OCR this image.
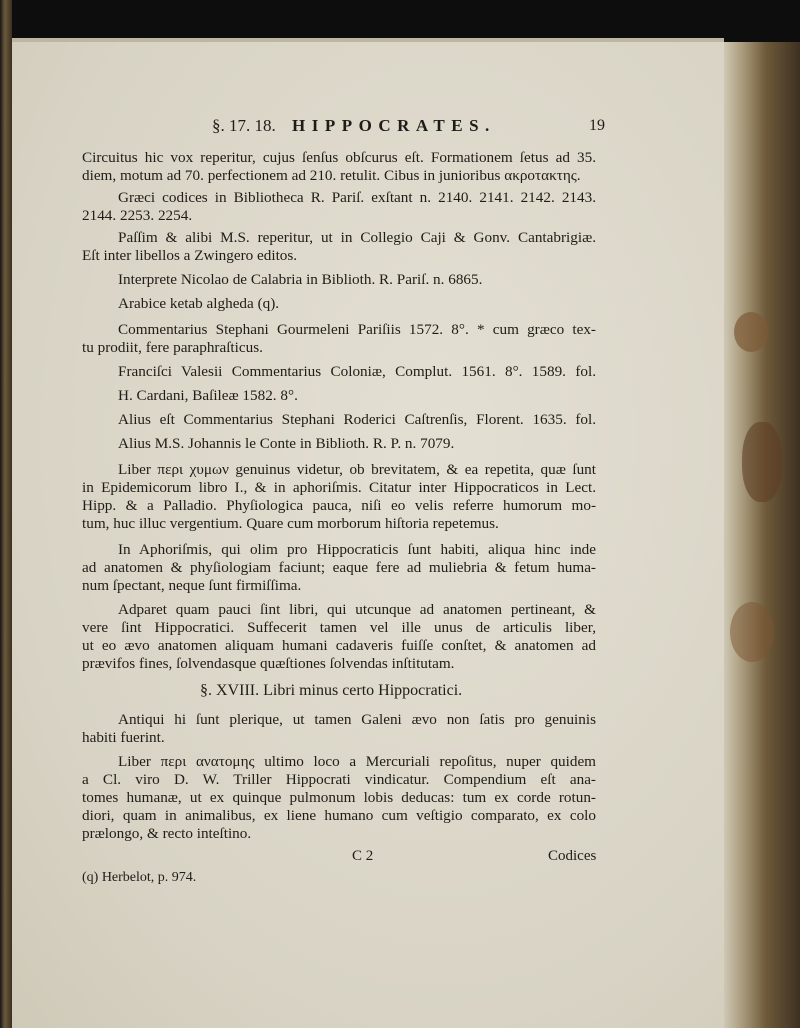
§. 17. 18. HIPPOCRATES.	19
Circuitus hic vox reperitur, cujus ſenſus obſcurus eſt. Formationem ſetus ad 35.
diem, motum ad 70. perfectionem ad 210. retulit. Cibus in junioribus ακροτακτης.
Græci codices in Bibliotheca R. Pariſ. exſtant n. 2140. 2141. 2142. 2143.
2144. 2253. 2254.
Paſſim & alibi M.S. reperitur, ut in Collegio Caji & Gonv. Cantabrigiæ.
Eſt inter libellos a Zwingero editos.
Interprete Nicolao de Calabria in Biblioth. R. Pariſ. n. 6865.
Arabice ketab algheda (q).
Commentarius Stephani Gourmeleni Pariſiis 1572. 8°. * cum græco tex-
tu prodiit, fere paraphraſticus.
Franciſci Valesii Commentarius Coloniæ, Complut. 1561. 8°. 1589. fol.
H. Cardani, Baſileæ 1582. 8°.
Alius eſt Commentarius Stephani Roderici Caſtrenſis, Florent. 1635. fol.
Alius M.S. Johannis le Conte in Biblioth. R. P. n. 7079.
Liber περι χυμων genuinus videtur, ob brevitatem, & ea repetita, quæ ſunt
in Epidemicorum libro I., & in aphoriſmis. Citatur inter Hippocraticos in Lect.
Hipp. & a Palladio. Phyſiologica pauca, niſi eo velis referre humorum mo-
tum, huc illuc vergentium. Quare cum morborum hiſtoria repetemus.
In Aphoriſmis, qui olim pro Hippocraticis ſunt habiti, aliqua hinc inde
ad anatomen & phyſiologiam faciunt; eaque fere ad muliebria & fetum huma-
num ſpectant, neque ſunt firmiſſima.
§. XVIII. Libri minus certo Hippocratici.
Antiqui hi ſunt plerique, ut tamen Galeni ævo non ſatis pro genuinis
habiti fuerint.
Liber περι ανατομης ultimo loco a Mercuriali repoſitus, nuper quidem
a Cl. viro D. W. Triller Hippocrati vindicatur. Compendium eſt ana-
tomes humanæ, ut ex quinque pulmonum lobis deducas: tum ex corde rotun-
C 2	Codices
(q) Herbelot, p. 974.
Adparet quam pauci ſint libri, qui utcunque ad anatomen pertineant, &
vere ſint Hippocratici. Suffecerit tamen vel ille unus de articulis liber,
ut eo ævo anatomen aliquam humani cadaveris fuiſſe conſtet, & anatomen ad
prævifos fines, ſolvendasque quæſtiones ſolvendas inſtitutam.
diori, quam in animalibus, ex liene humano cum veſtigio comparato, ex colo
prælongo, & recto inteſtino.
